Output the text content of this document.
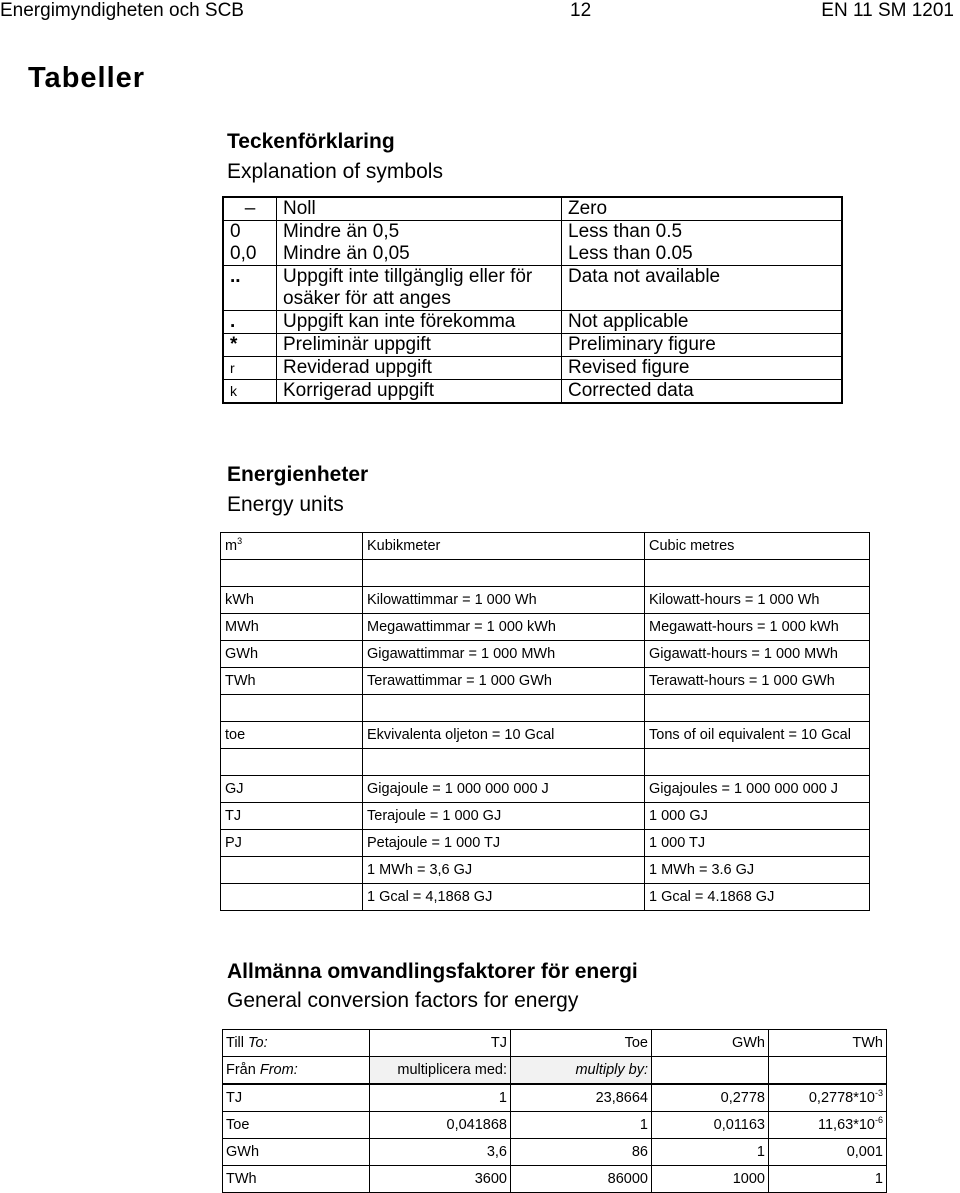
Energimyndigheten och SCB	12	EN 11 SM 1201
Tabeller
Teckenförklaring
Explanation of symbols
–	Noll	Zero
0	Mindre än 0,5	Less than 0.5
0,0	Mindre än 0,05	Less than 0.05
..	Uppgift inte tillgänglig eller för osäker för att anges	Data not available
.	Uppgift kan inte förekomma	Not applicable
*	Preliminär uppgift	Preliminary figure
r	Reviderad uppgift	Revised figure
k	Korrigerad uppgift	Corrected data
Energienheter
Energy units
$m^3$	Kubikmeter	Cubic metres

kWh	Kilowattimmar = 1 000 Wh	Kilowatt-hours = 1 000 Wh
MWh	Megawattimmar = 1 000 kWh	Megawatt-hours = 1 000 kWh
GWh	Gigawattimmar = 1 000 MWh	Gigawatt-hours = 1 000 MWh
TWh	Terawattimmar = 1 000 GWh	Terawatt-hours = 1 000 GWh

toe	Ekvivalenta oljeton = 10 Gcal	Tons of oil equivalent = 10 Gcal

GJ	Gigajoule = 1 000 000 000 J	Gigajoules = 1 000 000 000 J
TJ	Terajoule = 1 000 GJ	1 000 GJ
PJ	Petajoule = 1 000 TJ	1 000 TJ
	1 MWh = 3,6 GJ	1 MWh = 3.6 GJ
	1 Gcal = 4,1868 GJ	1 Gcal = 4.1868 GJ
Allmänna omvandlingsfaktorer för energi
General conversion factors for energy
Till To:	TJ	Toe	GWh	TWh
Från From:	multiplicera med:	multiply by:		
TJ	1	23,8664	0,2778	$0,2778*10^{-3}$
Toe	0,041868	1	0,01163	$11,63*10^{-6}$
GWh	3,6	86	1	0,001
TWh	3600	86000	1000	1
